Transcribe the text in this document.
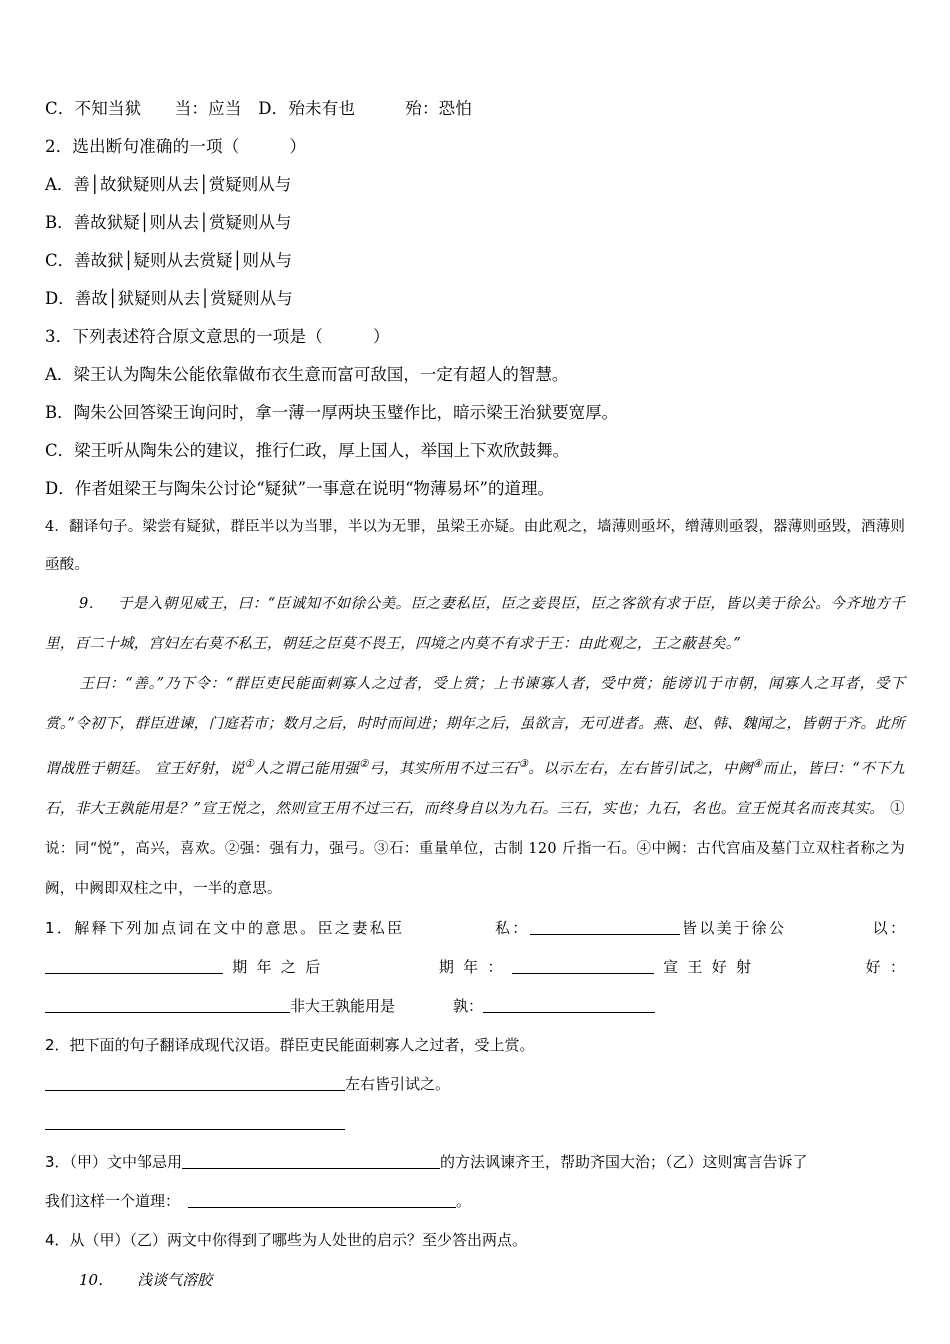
C．不知当狱　　当：应当　D．殆未有也　　　殆：恐怕
2．选出断句准确的一项（　　　）
A．善│故狱疑则从去│赏疑则从与
B．善故狱疑│则从去│赏疑则从与
C．善故狱│疑则从去赏疑│则从与
D．善故│狱疑则从去│赏疑则从与
3．下列表述符合原文意思的一项是（　　　）
A．梁王认为陶朱公能依靠做布衣生意而富可敌国，一定有超人的智慧。
B．陶朱公回答梁王询问时，拿一薄一厚两块玉璧作比，暗示梁王治狱要宽厚。
C．梁王听从陶朱公的建议，推行仁政，厚上国人，举国上下欢欣鼓舞。
D．作者姐梁王与陶朱公讨论“疑狱”一事意在说明“物薄易坏”的道理。
4．翻译句子。梁尝有疑狱，群臣半以为当罪，半以为无罪，虽梁王亦疑。由此观之，墙薄则亟坏，缯薄则亟裂，器薄则亟毁，酒薄则亟酸。
9． 于是入朝见威王，曰：“臣诚知不如徐公美。臣之妻私臣，臣之妾畏臣，臣之客欲有求于臣，皆以美于徐公。今齐地方千里，百二十城，宫妇左右莫不私王，朝廷之臣莫不畏王，四境之内莫不有求于王：由此观之，王之蔽甚矣。”
王曰：“善。”乃下令：“群臣吏民能面刺寡人之过者，受上赏；上书谏寡人者，受中赏；能谤讥于市朝，闻寡人之耳者，受下赏。”令初下，群臣进谏，门庭若市；数月之后，时时而间进；期年之后，虽欲言，无可进者。燕、赵、韩、魏闻之，皆朝于齐。此所谓战胜于朝廷。 宣王好射，说①人之谓己能用强②弓，其实所用不过三石③。以示左右，左右皆引试之，中阙④而止，皆曰：“不下九石，非大王孰能用是？”宣王悦之，然则宣王用不过三石，而终身自以为九石。三石，实也；九石，名也。宣王悦其名而丧其实。 ①说：同“悦”，高兴，喜欢。②强：强有力，强弓。③石：重量单位，古制 120 斤指一石。④中阙：古代宫庙及墓门立双柱者称之为阙，中阙即双柱之中，一半的意思。
1．解释下列加点词在文中的意思。臣之妻私臣	私：	皆以美于徐公	以：期年之后	期年：	宣王好射	好：非大王孰能用是	孰：
2．把下面的句子翻译成现代汉语。群臣吏民能面刺寡人之过者，受上赏。
左右皆引试之。
3．（甲）文中邹忌用	的方法讽谏齐王，帮助齐国大治；（乙）这则寓言告诉了
我们这样一个道理：	。
4．从（甲）（乙）两文中你得到了哪些为人处世的启示？至少答出两点。
10． 浅谈气溶胶
